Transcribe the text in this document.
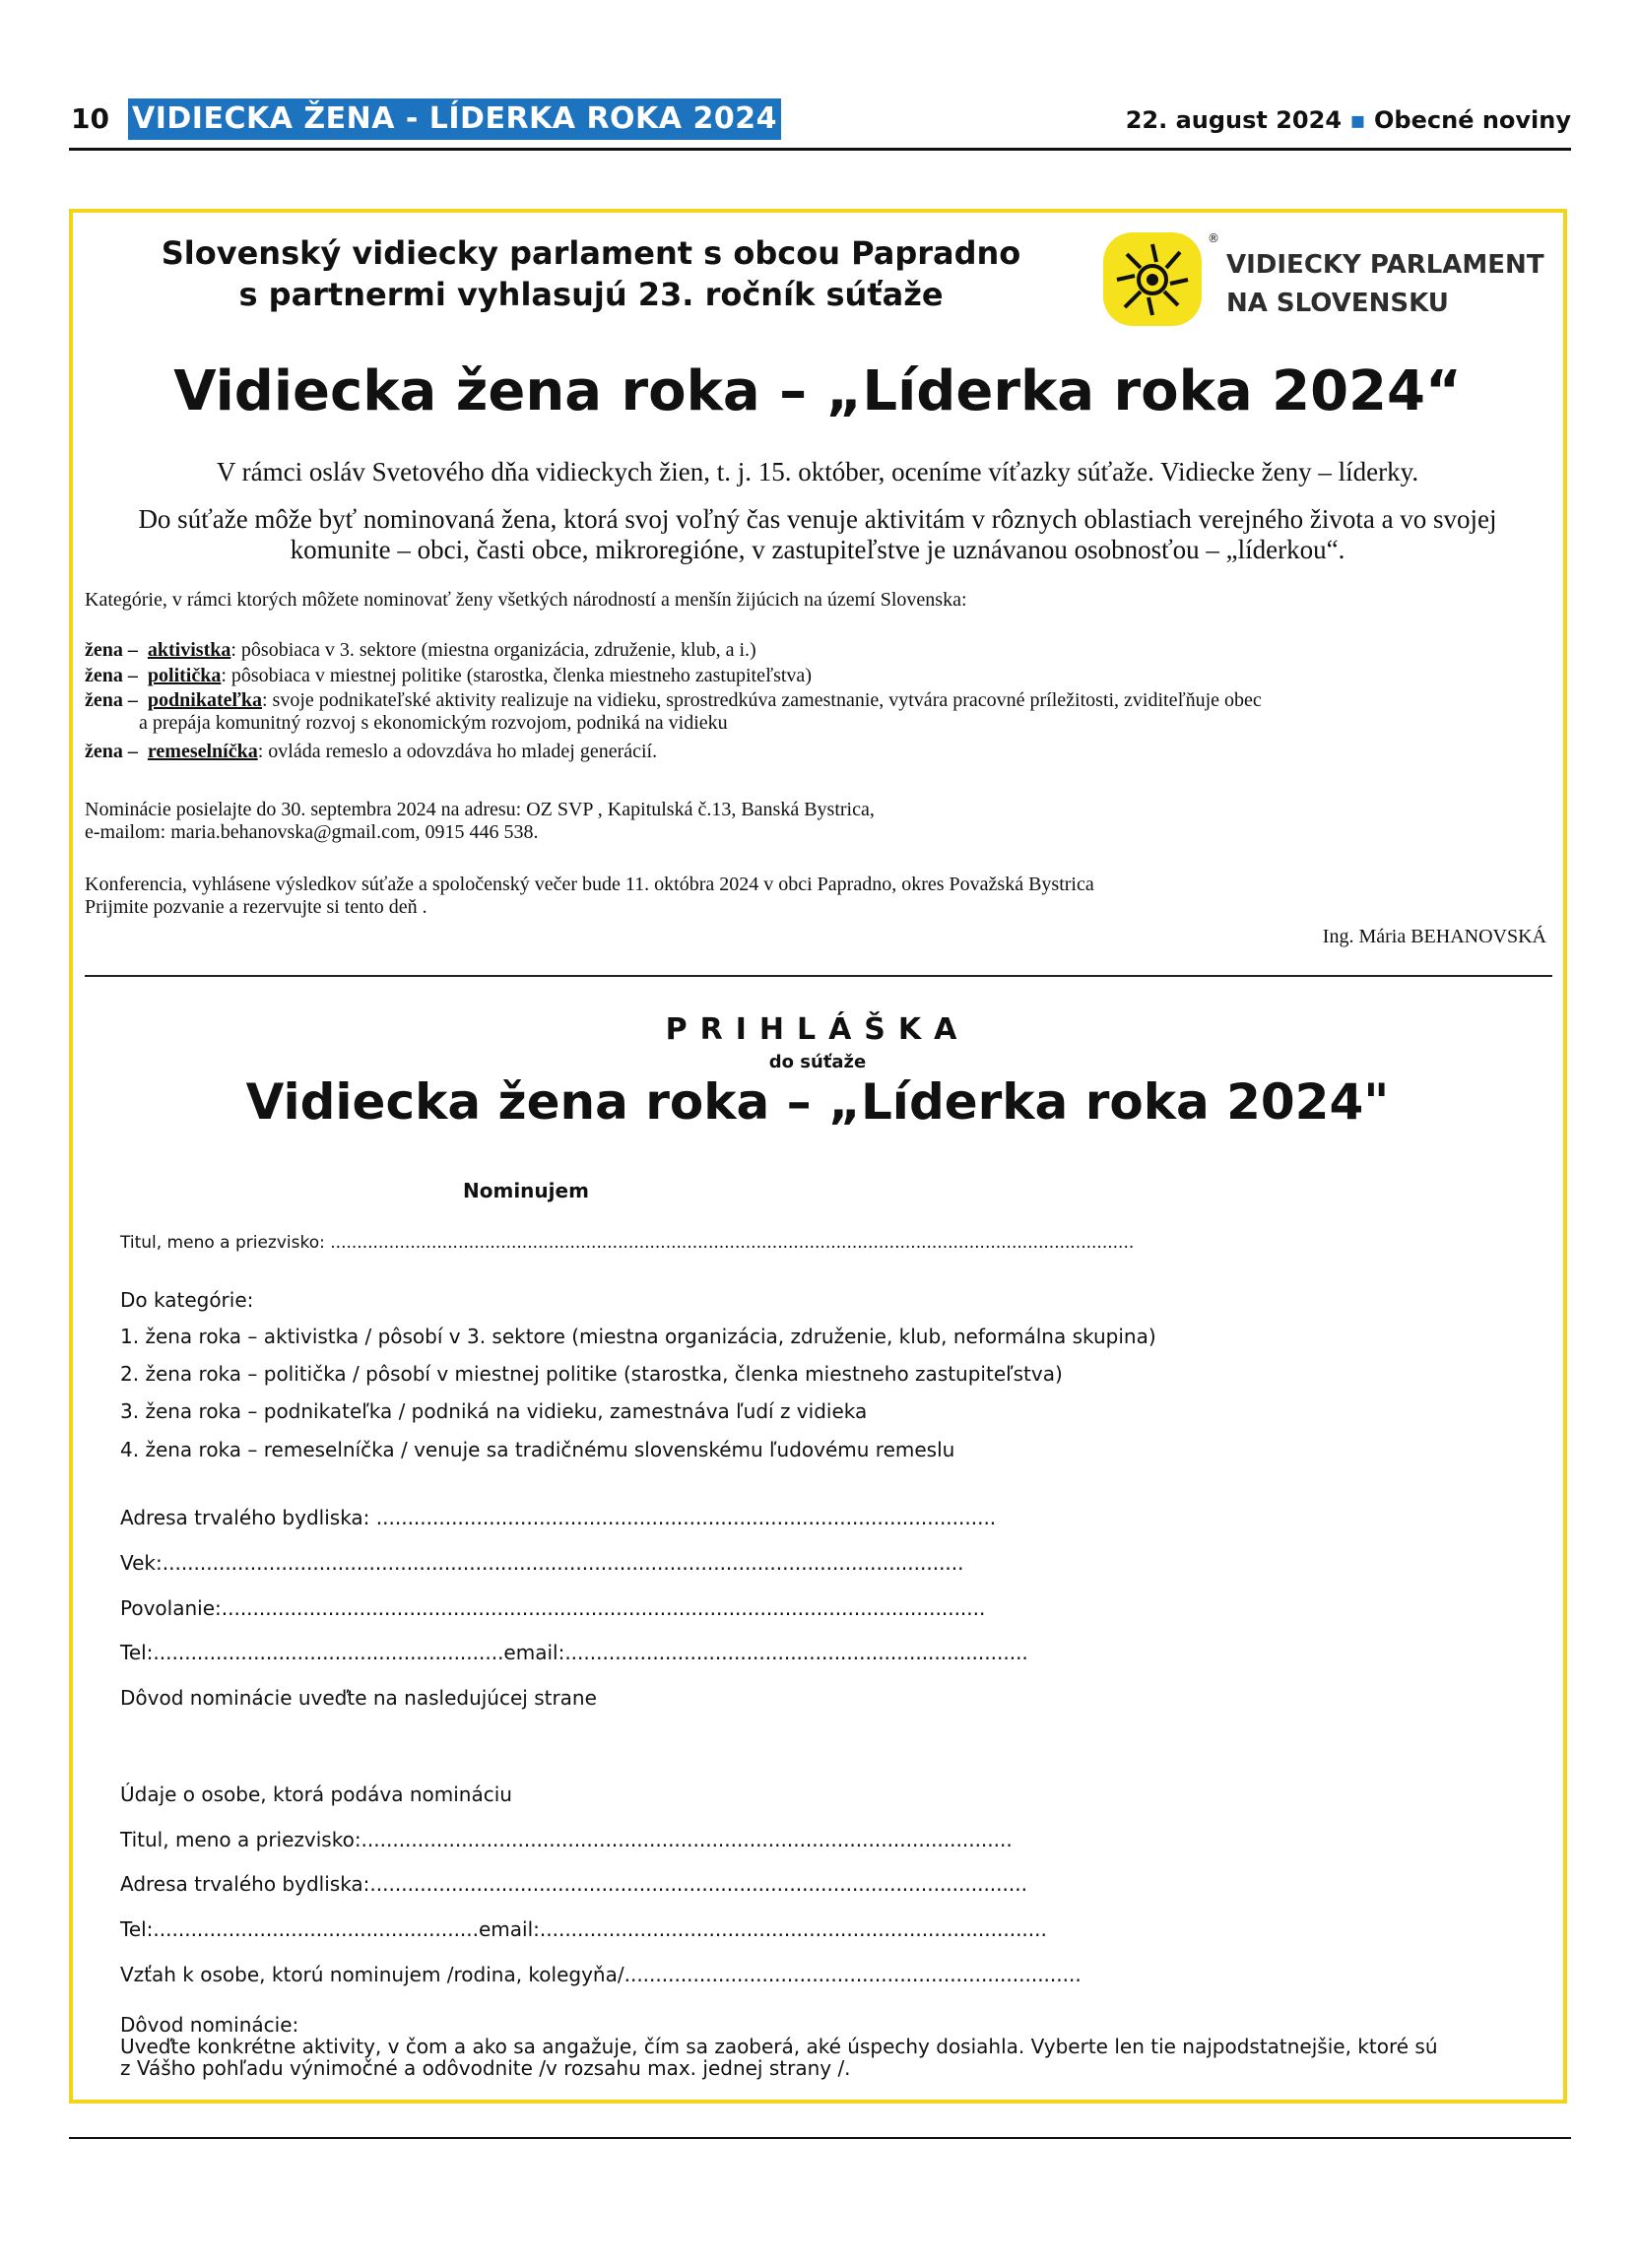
10 VIDIECKA ŽENA - LÍDERKA ROKA 2024	22. august 2024 ▪ Obecné noviny
Slovenský vidiecky parlament s obcou Papradno
s partnermi vyhlasujú 23. ročník súťaže
®
VIDIECKY PARLAMENT
NA SLOVENSKU
Vidiecka žena roka – „Líderka roka 2024“
V rámci osláv Svetového dňa vidieckych žien, t. j. 15. október, oceníme víťazky súťaže. Vidiecke ženy – líderky.
Do súťaže môže byť nominovaná žena, ktorá svoj voľný čas venuje aktivitám v rôznych oblastiach verejného života a vo svojej
komunite – obci, časti obce, mikroregióne, v zastupiteľstve je uznávanou osobnosťou – „líderkou“.
Kategórie, v rámci ktorých môžete nominovať ženy všetkých národností a menšín žijúcich na území Slovenska:
žena – aktivistka: pôsobiaca v 3. sektore (miestna organizácia, združenie, klub, a i.)
žena – politička: pôsobiaca v miestnej politike (starostka, členka miestneho zastupiteľstva)
žena – podnikateľka: svoje podnikateľské aktivity realizuje na vidieku, sprostredkúva zamestnanie, vytvára pracovné príležitosti, zviditeľňuje obec
a prepája komunitný rozvoj s ekonomickým rozvojom, podniká na vidieku
žena – remeselníčka: ovláda remeslo a odovzdáva ho mladej generácií.
Nominácie posielajte do 30. septembra 2024 na adresu: OZ SVP , Kapitulská č.13, Banská Bystrica,
e-mailom: maria.behanovska@gmail.com, 0915 446 538.
Konferencia, vyhlásene výsledkov súťaže a spoločenský večer bude 11. októbra 2024 v obci Papradno, okres Považská Bystrica
Prijmite pozvanie a rezervujte si tento deň .
Ing. Mária BEHANOVSKÁ
PRIHLÁŠKA
do súťaže
Vidiecka žena roka – „Líderka roka 2024"
Nominujem
Titul, meno a priezvisko: .......................................................................................................................................................
Do kategórie:
1. žena roka – aktivistka / pôsobí v 3. sektore (miestna organizácia, združenie, klub, neformálna skupina)
2. žena roka – politička / pôsobí v miestnej politike (starostka, členka miestneho zastupiteľstva)
3. žena roka – podnikateľka / podniká na vidieku, zamestnáva ľudí z vidieka
4. žena roka – remeselníčka / venuje sa tradičnému slovenskému ľudovému remeslu
Adresa trvalého bydliska: ...................................................................................................
Vek:................................................................................................................................
Povolanie:..........................................................................................................................
Tel:........................................................email:..........................................................................
Dôvod nominácie uveďte na nasledujúcej strane
Údaje o osobe, ktorá podáva nomináciu
Titul, meno a priezvisko:........................................................................................................
Adresa trvalého bydliska:.........................................................................................................
Tel:....................................................email:.................................................................................
Vzťah k osobe, ktorú nominujem /rodina, kolegyňa/.........................................................................
Dôvod nominácie:
Uveďte konkrétne aktivity, v čom a ako sa angažuje, čím sa zaoberá, aké úspechy dosiahla. Vyberte len tie najpodstatnejšie, ktoré sú
z Vášho pohľadu výnimočné a odôvodnite /v rozsahu max. jednej strany /.
